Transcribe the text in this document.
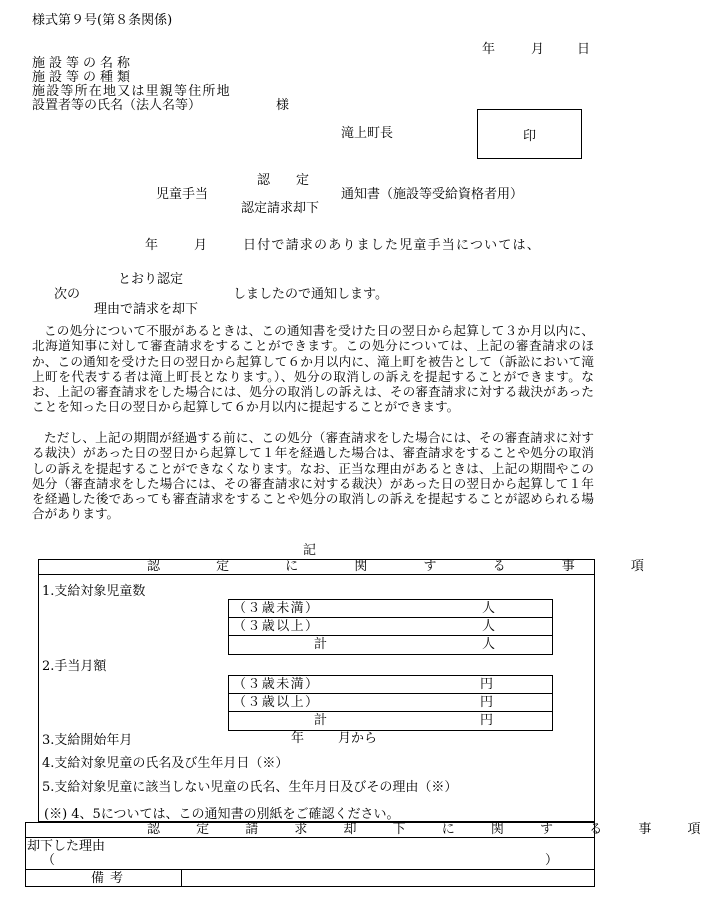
様式第９号(第８条関係)
年	月	日
施設等の名称
施設等の種類
施設等所在地又は里親等住所地
設置者等の氏名（法人名等）	様
滝上町長	印
認　　定
児童手当	通知書（施設等受給資格者用）
認定請求却下
年	月	日付で請求のありました児童手当については、
とおり認定
次の	しましたので通知します。
理由で請求を却下
この処分について不服があるときは、この通知書を受けた日の翌日から起算して３か月以内に、北海道知事に対して審査請求をすることができます。この処分については、上記の審査請求のほか、この通知を受けた日の翌日から起算して６か月以内に、滝上町を被告として（訴訟において滝上町を代表する者は滝上町長となります。）、処分の取消しの訴えを提起することができます。なお、上記の審査請求をした場合には、処分の取消しの訴えは、その審査請求に対する裁決があったことを知った日の翌日から起算して６か月以内に提起することができます。
ただし、上記の期間が経過する前に、この処分（審査請求をした場合には、その審査請求に対する裁決）があった日の翌日から起算して１年を経過した場合は、審査請求をすることや処分の取消しの訴えを提起することができなくなります。なお、正当な理由があるときは、上記の期間やこの処分（審査請求をした場合には、その審査請求に対する裁決）があった日の翌日から起算して１年を経過した後であっても審査請求をすることや処分の取消しの訴えを提起することが認められる場合があります。
記
認 定 に 関 す る 事 項
1.支給対象児童数
（３歳未満）	人
（３歳以上）	人
計	人
2.手当月額
（３歳未満）	円
（３歳以上）	円
計	円
3.支給開始年月	年	月から
4.支給対象児童の氏名及び生年月日（※）
5.支給対象児童に該当しない児童の氏名、生年月日及びその理由（※）
(※) 4、5については、この通知書の別紙をご確認ください。
認 定 請 求 却 下 に 関 す る 事 項
却下した理由
（	）
備考
